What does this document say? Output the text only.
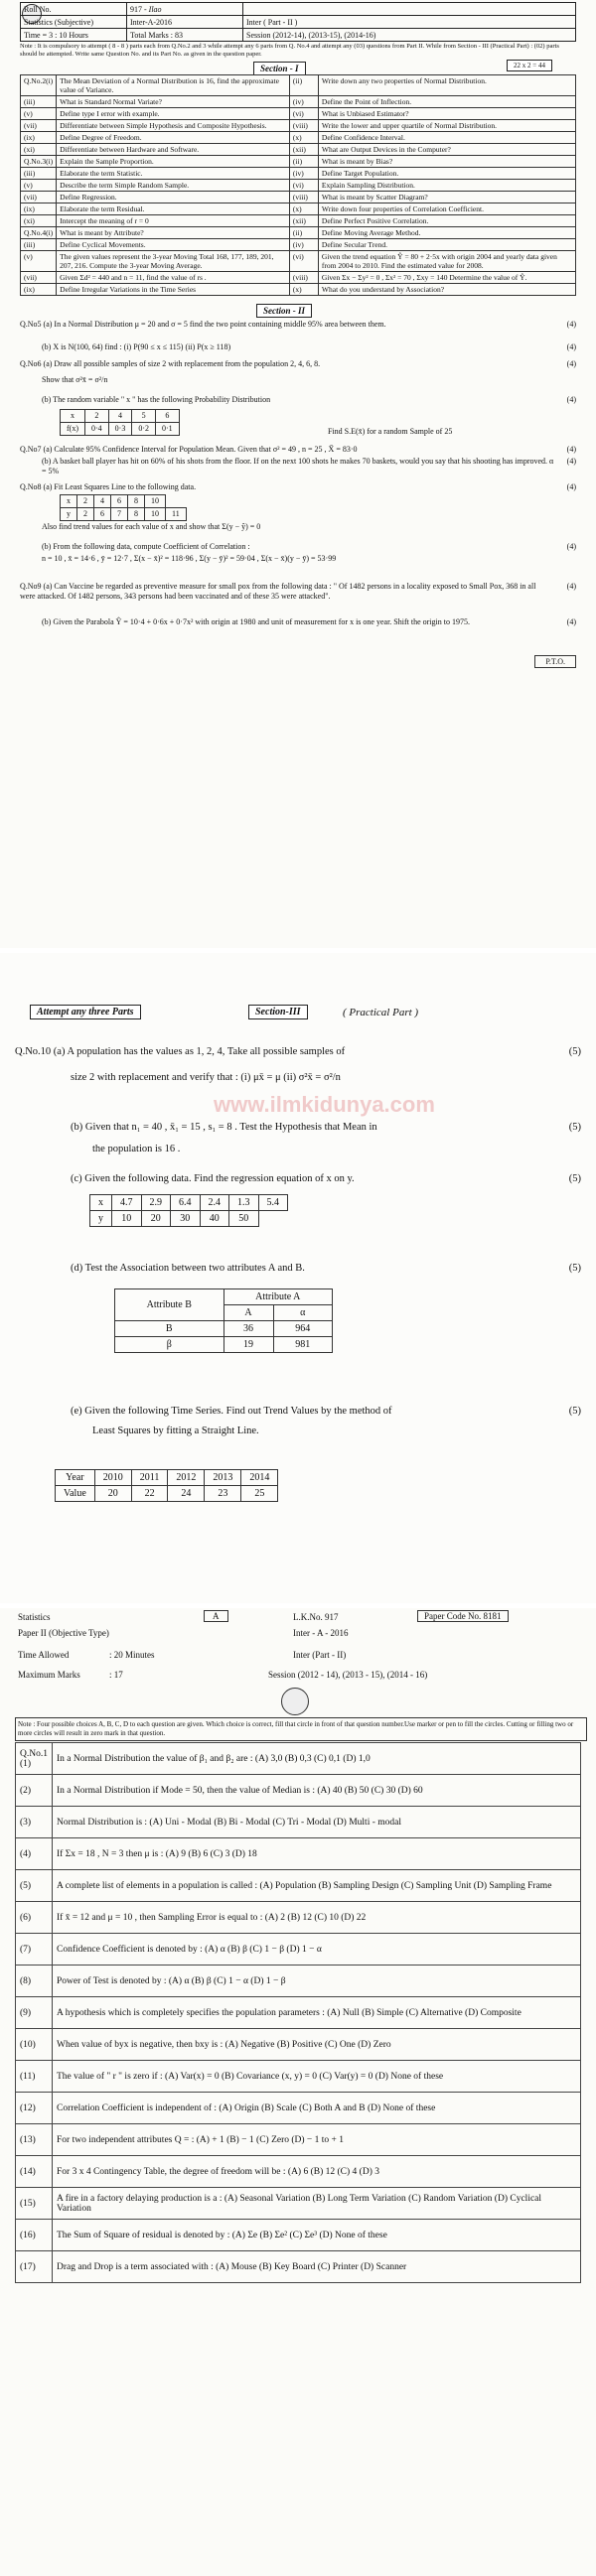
Roll No.	917 - Ilao	
Statistics (Subjective)	Inter-A-2016	Inter ( Part - II )
Time = 3 : 10 Hours	Total Marks : 83	Session (2012-14), (2013-15), (2014-16)
Note : It is compulsory to attempt ( 8 - 8 ) parts each from Q.No.2 and 3 while attempt any 6 parts from Q. No.4 and attempt any (03) questions from Part II. While from Section - III (Practical Part) : (02) parts should be attempted. Write same Question No. and its Part No. as given in the question paper.
Section - I	22 x 2 = 44
Q.No.2(i)	The Mean Deviation of a Normal Distribution is 16, find the approximate value of Variance.	(ii)	Write down any two properties of Normal Distribution.
(iii)	What is Standard Normal Variate?	(iv)	Define the Point of Inflection.
(v)	Define type I error with example.	(vi)	What is Unbiased Estimator?
(vii)	Differentiate between Simple Hypothesis and Composite Hypothesis.	(viii)	Write the lower and upper quartile of Normal Distribution.
(ix)	Define Degree of Freedom.	(x)	Define Confidence Interval.
(xi)	Differentiate between Hardware and Software.	(xii)	What are Output Devices in the Computer?
Q.No.3(i)	Explain the Sample Proportion.	(ii)	What is meant by Bias?
(iii)	Elaborate the term Statistic.	(iv)	Define Target Population.
(v)	Describe the term Simple Random Sample.	(vi)	Explain Sampling Distribution.
(vii)	Define Regression.	(viii)	What is meant by Scatter Diagram?
(ix)	Elaborate the term Residual.	(x)	Write down four properties of Correlation Coefficient.
(xi)	Intercept the meaning of r = 0	(xii)	Define Perfect Positive Correlation.
Q.No.4(i)	What is meant by Attribute?	(ii)	Define Moving Average Method.
(iii)	Define Cyclical Movements.	(iv)	Define Secular Trend.
(v)	The given values represent the 3-year Moving Total 168, 177, 189, 201, 207, 216. Compute the 3-year Moving Average.	(vi)	Given the trend equation Ŷ = 80 + 2·5x with origin 2004 and yearly data given from 2004 to 2010. Find the estimated value for 2008.
(vii)	Given Σd² = 440 and n = 11, find the value of rs .	(viii)	Given Σx − Σy² = 0 , Σx² = 70 , Σxy = 140 Determine the value of Ŷ.
(ix)	Define Irregular Variations in the Time Series	(x)	What do you understand by Association?
Section - II
Q.No5 (a) In a Normal Distribution μ = 20 and σ = 5 find the two point containing middle 95% area between them.	(4)
(b) X is N(100, 64) find : (i) P(90 ≤ x ≤ 115) (ii) P(x ≥ 118)	(4)
Q.No6 (a) Draw all possible samples of size 2 with replacement from the population 2, 4, 6, 8.	(4)
Show that σ²x̄ = σ²/n
(b) The random variable " x " has the following Probability Distribution	(4)
x	2	4	5	6
f(x)	0·4	0·3	0·2	0·1	Find S.E(x̄) for a random Sample of 25
Q.No7 (a) Calculate 95% Confidence Interval for Population Mean. Given that σ² = 49 , n = 25 , X̄ = 83·0	(4)
(b) A basket ball player has hit on 60% of his shots from the floor. If on the next 100 shots he makes 70 baskets, would you say that his shooting has improved. α = 5%
(4)
Q.No8 (a) Fit Least Squares Line to the following data.	(4)
x	2	4	6	8	10	
y	2	6	7	8	10	11
Also find trend values for each value of x and show that Σ(y − ŷ) = 0
(b) From the following data, compute Coefficient of Correlation :	(4)
n = 10 , x̄ = 14·6 , ȳ = 12·7 , Σ(x − x̄)² = 118·96 , Σ(y − ȳ)² = 59·04 , Σ(x − x̄)(y − ȳ) = 53·99
Q.No9 (a) Can Vaccine be regarded as preventive measure for small pox from the following data : " Of 1482 persons in a locality exposed to Small Pox, 368 in all were attacked. Of 1482 persons, 343 persons had been vaccinated and of these 35 were attacked".
(4)
(b) Given the Parabola Ŷ = 10·4 + 0·6x + 0·7x² with origin at 1980 and unit of measurement for x is one year. Shift the origin to 1975.	(4)
P.T.O.
Attempt any three Parts	Section-III	( Practical Part )
Q.No.10 (a) A population has the values as 1, 2, 4, Take all possible samples of	(5)
size 2 with replacement and verify that : (i) μx̄ = μ (ii) σ²x̄ = σ²/n
www.ilmkidunya.com
(b) Given that n₁ = 40 , x̄₁ = 15 , s₁ = 8 . Test the Hypothesis that Mean in	(5)
the population is 16 .
(c) Given the following data. Find the regression equation of x on y.	(5)
x	4.7	2.9	6.4	2.4	1.3	5.4
y	10	20	30	40	50	
(d) Test the Association between two attributes A and B.	(5)
Attribute B	Attribute A	
	A	α
B	36	964
β	19	981
(e) Given the following Time Series. Find out Trend Values by the method of	(5)
Least Squares by fitting a Straight Line.
Year	2010	2011	2012	2013	2014
Value	20	22	24	23	25
Statistics	A	L.K.No. 917	Paper Code No. 8181
Paper II (Objective Type)	Inter - A - 2016
Time Allowed	: 20 Minutes	Inter (Part - II)
Maximum Marks	: 17	Session (2012 - 14), (2013 - 15), (2014 - 16)
Note : Four possible choices A, B, C, D to each question are given. Which choice is correct, fill that circle in front of that question number.Use marker or pen to fill the circles. Cutting or filling two or more circles will result in zero mark in that question.
Q.No.1 (1)	In a Normal Distribution the value of β₁ and β₂ are : (A) 3,0 (B) 0,3 (C) 0,1 (D) 1,0
(2)	In a Normal Distribution if Mode = 50, then the value of Median is : (A) 40 (B) 50 (C) 30 (D) 60
(3)	Normal Distribution is : (A) Uni - Modal (B) Bi - Modal (C) Tri - Modal (D) Multi - modal
(4)	If Σx = 18 , N = 3 then μ is : (A) 9 (B) 6 (C) 3 (D) 18
(5)	A complete list of elements in a population is called : (A) Population (B) Sampling Design (C) Sampling Unit (D) Sampling Frame
(6)	If x̄ = 12 and μ = 10 , then Sampling Error is equal to : (A) 2 (B) 12 (C) 10 (D) 22
(7)	Confidence Coefficient is denoted by : (A) α (B) β (C) 1 − β (D) 1 − α
(8)	Power of Test is denoted by : (A) α (B) β (C) 1 − α (D) 1 − β
(9)	A hypothesis which is completely specifies the population parameters : (A) Null (B) Simple (C) Alternative (D) Composite
(10)	When value of byx is negative, then bxy is : (A) Negative (B) Positive (C) One (D) Zero
(11)	The value of " r " is zero if : (A) Var(x) = 0 (B) Covariance (x, y) = 0 (C) Var(y) = 0 (D) None of these
(12)	Correlation Coefficient is independent of : (A) Origin (B) Scale (C) Both A and B (D) None of these
(13)	For two independent attributes Q = : (A) + 1 (B) − 1 (C) Zero (D) − 1 to + 1
(14)	For 3 x 4 Contingency Table, the degree of freedom will be : (A) 6 (B) 12 (C) 4 (D) 3
(15)	A fire in a factory delaying production is a : (A) Seasonal Variation (B) Long Term Variation (C) Random Variation (D) Cyclical Variation
(16)	The Sum of Square of residual is denoted by : (A) Σe (B) Σe² (C) Σe³ (D) None of these
(17)	Drag and Drop is a term associated with : (A) Mouse (B) Key Board (C) Printer (D) Scanner
